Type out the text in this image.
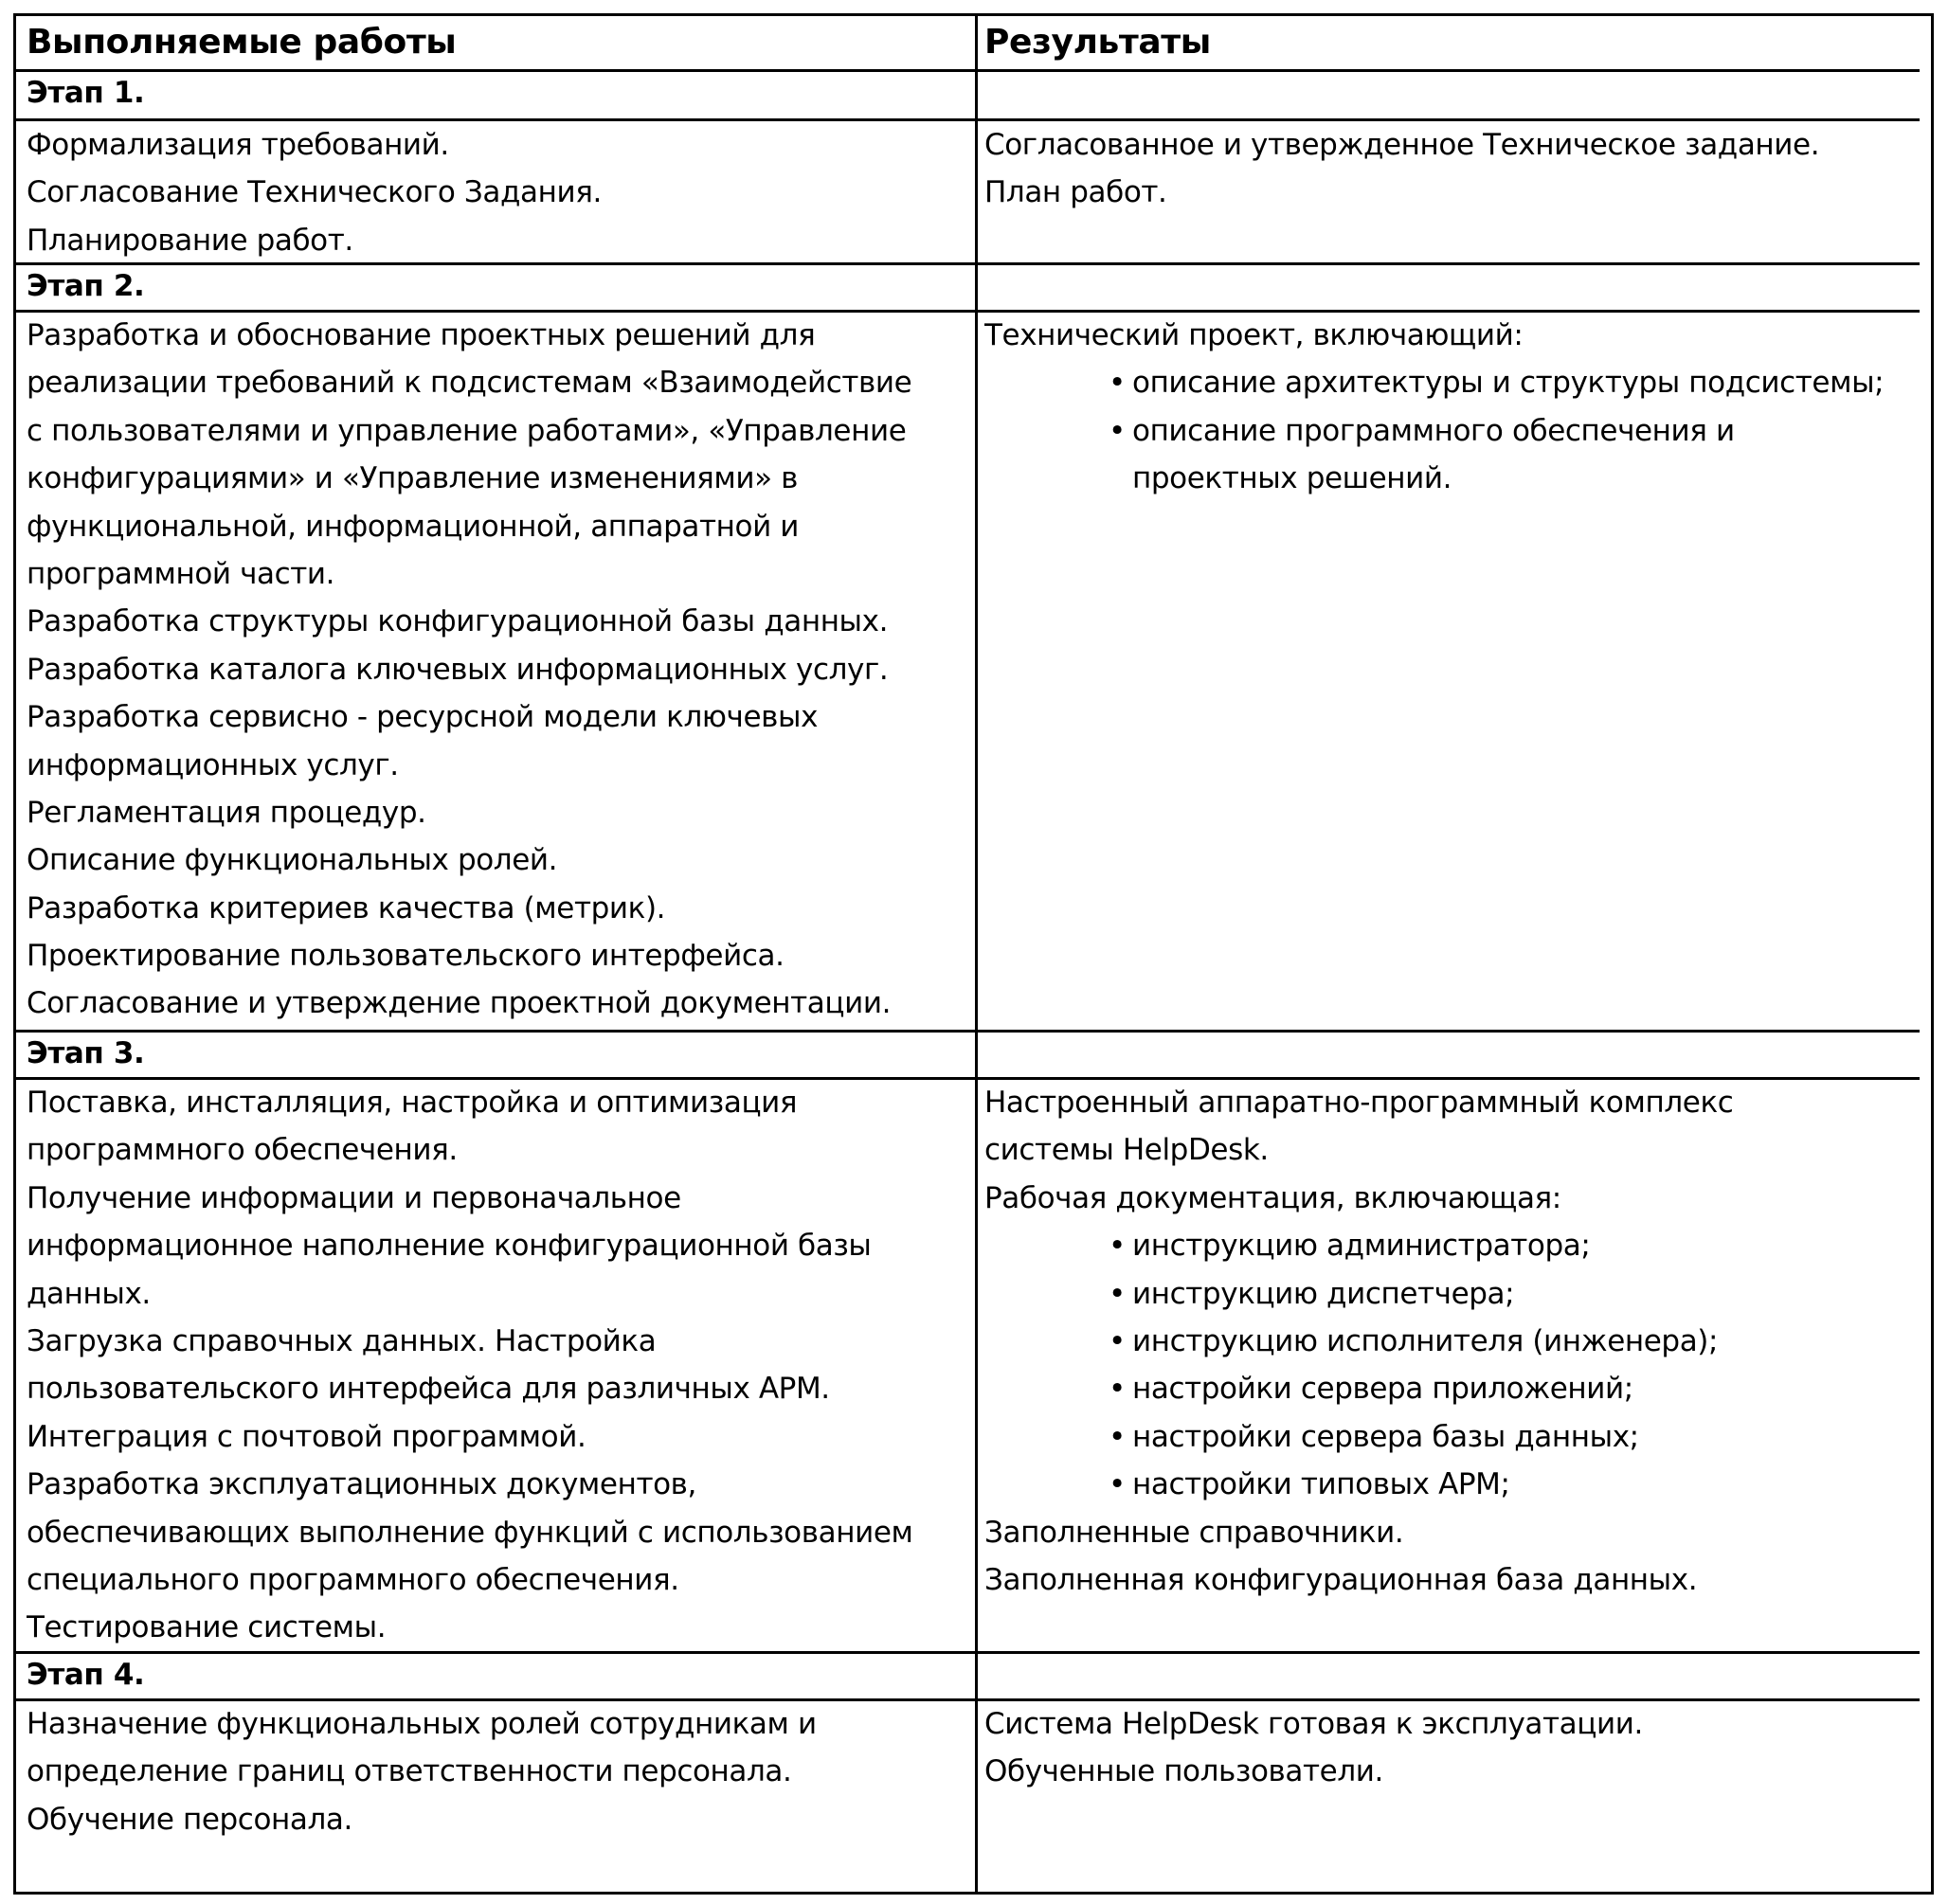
Выполняемые работы	Результаты
Этап 1.
Формализация требований.
Согласование Технического Задания.
Планирование работ.
Согласованное и утвержденное Техническое задание.
План работ.
Этап 2.
Разработка и обоснование проектных решений для
реализации требований к подсистемам «Взаимодействие
с пользователями и управление работами», «Управление
конфигурациями» и «Управление изменениями» в
функциональной, информационной, аппаратной и
программной части.
Разработка структуры конфигурационной базы данных.
Разработка каталога ключевых информационных услуг.
Разработка сервисно - ресурсной модели ключевых
информационных услуг.
Регламентация процедур.
Описание функциональных ролей.
Разработка критериев качества (метрик).
Проектирование пользовательского интерфейса.
Согласование и утверждение проектной документации.
Технический проект, включающий:
• описание архитектуры и структуры подсистемы;
• описание программного обеспечения и
проектных решений.
Этап 3.
Поставка, инсталляция, настройка и оптимизация
программного обеспечения.
Получение информации и первоначальное
информационное наполнение конфигурационной базы
данных.
Загрузка справочных данных. Настройка
пользовательского интерфейса для различных АРМ.
Интеграция с почтовой программой.
Разработка эксплуатационных документов,
обеспечивающих выполнение функций с использованием
специального программного обеспечения.
Тестирование системы.
Настроенный аппаратно-программный комплекс
системы HelpDesk.
Рабочая документация, включающая:
• инструкцию администратора;
• инструкцию диспетчера;
• инструкцию исполнителя (инженера);
• настройки сервера приложений;
• настройки сервера базы данных;
• настройки типовых АРМ;
Заполненные справочники.
Заполненная конфигурационная база данных.
Этап 4.
Назначение функциональных ролей сотрудникам и
определение границ ответственности персонала.
Обучение персонала.
Система HelpDesk готовая к эксплуатации.
Обученные пользователи.
